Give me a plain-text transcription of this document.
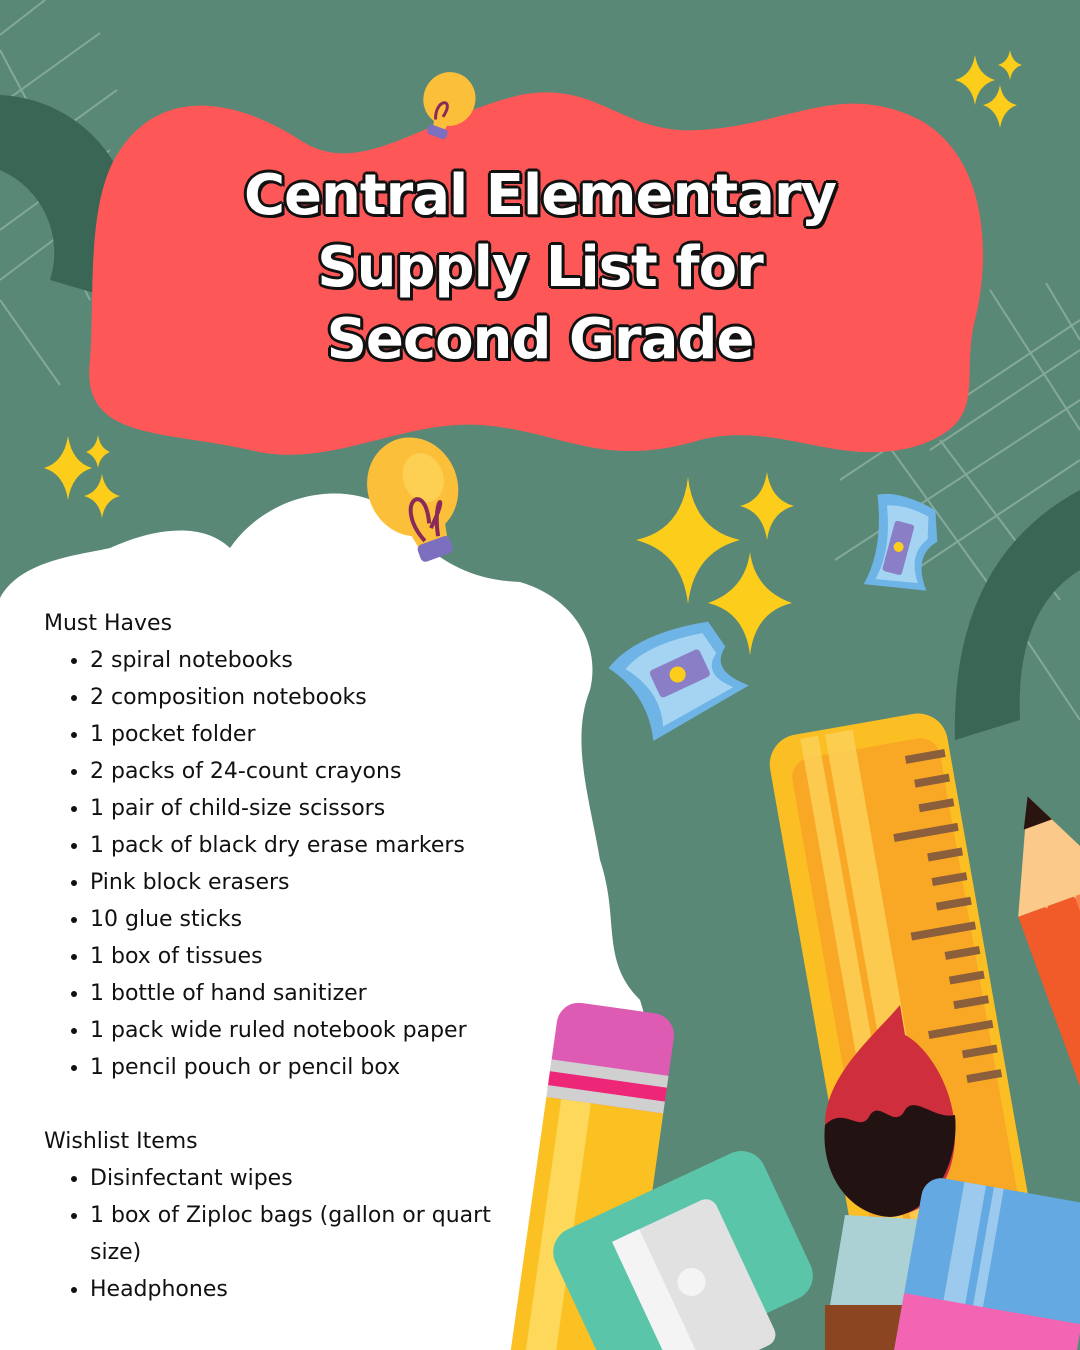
Central Elementary
Supply List for
Second Grade

Must Haves

• 2 spiral notebooks
• 2 composition notebooks
• 1 pocket folder
• 2 packs of 24-count crayons
• 1 pair of child-size scissors
• 1 pack of black dry erase markers
• Pink block erasers
• 10 glue sticks
• 1 box of tissues
• 1 bottle of hand sanitizer
• 1 pack wide ruled notebook paper
• 1 pencil pouch or pencil box

Wishlist Items

• Disinfectant wipes
• 1 box of Ziploc bags (gallon or quart size)
• Headphones
